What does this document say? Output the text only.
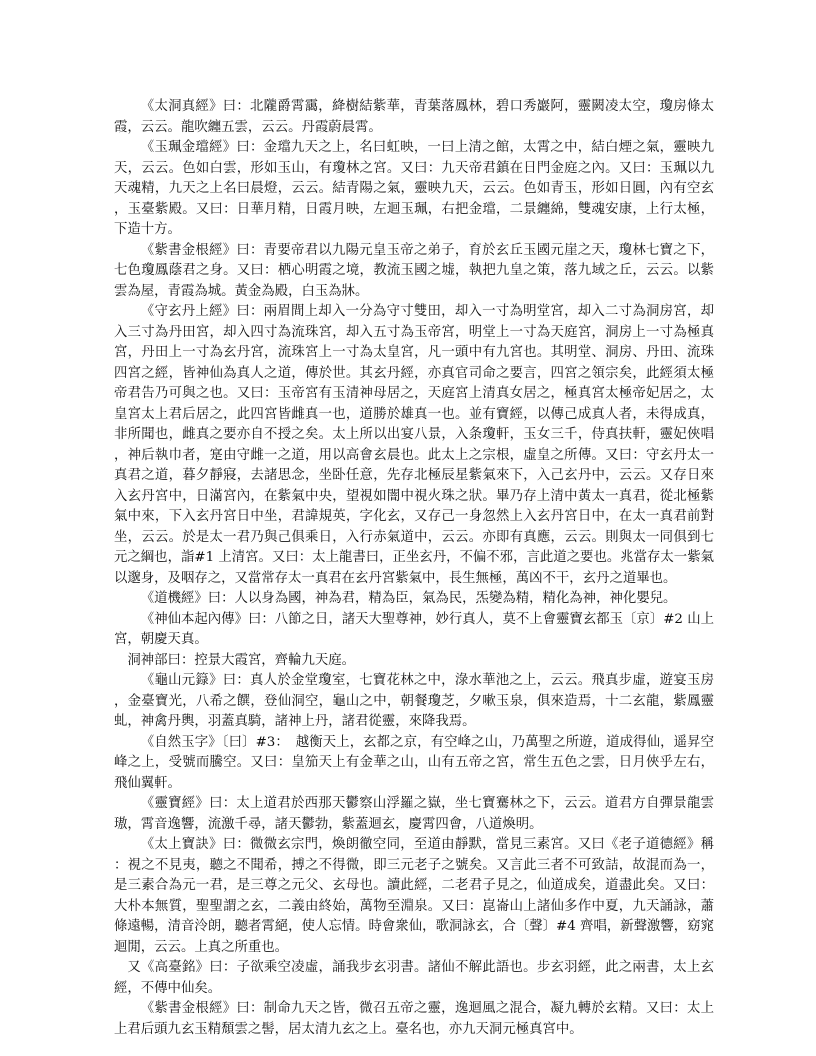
《太洞真經》曰：北隴爵霄靄，絳樹結紫華，青葉落鳳林，碧口秀巖阿，靈闕凌太空，瓊房條太霞，云云。龍吹纏五雲，云云。丹霞蔚晨霄。

《玉珮金璫經》曰：金璫九天之上，名曰虹映，一曰上清之館，太霄之中，結白煙之氣，靈映九天，云云。色如白雲，形如玉山，有瓊林之宮。又曰：九天帝君鎮在日門金庭之內。又曰：玉珮以九天魂精，九天之上名曰晨燈，云云。結青陽之氣，靈映九天，云云。色如青玉，形如日圓，內有空玄，玉臺紫殿。又曰：日華月精，日霞月映，左迴玉珮，右把金璫，二景纏綿，雙魂安康，上行太極，下造十方。

《紫書金根經》曰：青要帝君以九陽元皇玉帝之弟子，育於玄丘玉國元崖之天，瓊林七寶之下，七色瓊鳳蔭君之身。又曰：栖心明霞之境，教流玉國之墟，執把九皇之策，落九域之丘，云云。以紫雲為屋，青霞為城。黃金為殿，白玉為牀。

《守玄丹上經》曰：兩眉間上却入一分為守寸雙田，却入一寸為明堂宮，却入二寸為洞房宮，却入三寸為丹田宮，却入四寸為流珠宮，却入五寸為玉帝宮，明堂上一寸為天庭宮，洞房上一寸為極真宮，丹田上一寸為玄丹宮，流珠宮上一寸為太皇宮，凡一頭中有九宮也。其明堂、洞房、丹田、流珠四宮之經，皆神仙為真人之道，傳於世。其玄丹經，亦真官司命之要言，四宮之領宗矣，此經須太極帝君告乃可與之也。又曰：玉帝宮有玉清神母居之，天庭宮上清真女居之，極真宮太極帝妃居之，太皇宮太上君后居之，此四宮皆雌真一也，道勝於雄真一也。並有寶經，以傳己成真人者，未得成真，非所聞也，雌真之要亦自不授之矣。太上所以出宴八景，入条瓊軒，玉女三千，侍真扶軒，靈妃俠唱，神后執巾者，寔由守雌一之道，用以高會玄晨也。此太上之宗根，虛皇之所傳。又曰：守玄丹太一真君之道，暮夕靜寢，去諸思念，坐卧任意，先存北極辰星紫氣來下，入己玄丹中，云云。又存日來入玄丹宮中，日滿宮內，在紫氣中央，望視如闇中視火珠之狀。畢乃存上清中黃太一真君，從北極紫氣中來，下入玄丹宮日中坐，君諱規英，字化玄，又存己一身忽然上入玄丹宮日中，在太一真君前對坐，云云。於是太一君乃與己俱乘日，入行赤氣道中，云云。亦即有真應，云云。則與太一同俱到七元之綱也，詣#1 上清宮。又曰：太上龍書曰，正坐玄丹，不偏不邪，言此道之要也。兆當存太一紫氣以邈身，及咽存之，又當常存太一真君在玄丹宮紫氣中，長生無極，萬凶不干，玄丹之道畢也。

《道機經》曰：人以身為國，神為君，精為臣，氣為民，炁變為精，精化為神，神化嬰兒。

《神仙本起內傳》曰：八節之日，諸天大聖尊神，妙行真人，莫不上會靈寶玄都玉〔京〕#2 山上宮，朝慶天真。

洞神部曰：控景大霞宮，齊輪九天庭。

《龜山元籙》曰：真人於金堂瓊室，七寶花林之中，淥水華池之上，云云。飛真步虛，遊宴玉房，金臺寶光，八希之饌，登仙洞空，龜山之中，朝餐瓊芝，夕嗽玉泉，俱來造焉，十二玄龍，紫鳳靈虬，神禽丹輿，羽蓋真騎，諸神上丹，諸君從靈，來降我焉。

《自然玉字》〔曰〕#3：　越衡天上，玄都之京，有空峰之山，乃萬聖之所遊，道成得仙，遥昇空峰之上，受號而騰空。又曰：皇笳天上有金華之山，山有五帝之宮，常生五色之雲，日月俠乎左右，飛仙翼軒。

《靈寶經》曰：太上道君於西那天鬱察山浮羅之嶽，坐七寶騫林之下，云云。道君方自彈景龍雲璈，霄音逸響，流激千尋，諸天鬱勃，紫蓋迴玄，慶霄四會，八道煥明。

《太上寶訣》曰：微微玄宗門，煥朗徹空同，至道由靜默，當見三素宮。又曰《老子道德經》稱：視之不見夷，聽之不聞希，搏之不得微，即三元老子之號矣。又言此三者不可致詰，故混而為一，是三素合為元一君，是三尊之元父、玄母也。讀此經，二老君子見之，仙道成矣，道盡此矣。又曰：大朴本無質，聖聖謂之玄，二義由終始，萬物至淵泉。又曰：崑崙山上諸仙多作中夏，九天誦詠，蕭條遠暢，清音泠朗，聽者霄絕，使人忘情。時會衆仙，歌洞詠玄，合〔聲〕#4 齊唱，新聲激響，窈窕迴閒，云云。上真之所重也。

又《高臺銘》曰：子欲乘空凌虛，誦我步玄羽書。諸仙不解此語也。步玄羽經，此之兩書，太上玄經，不傳中仙矣。

《紫書金根經》曰：制命九天之皆，微召五帝之靈，逸迴風之混合，凝九轉於玄精。又曰：太上上君后頭九玄玉精頹雲之髻，居太清九玄之上。臺名也，亦九天洞元極真宮中。
